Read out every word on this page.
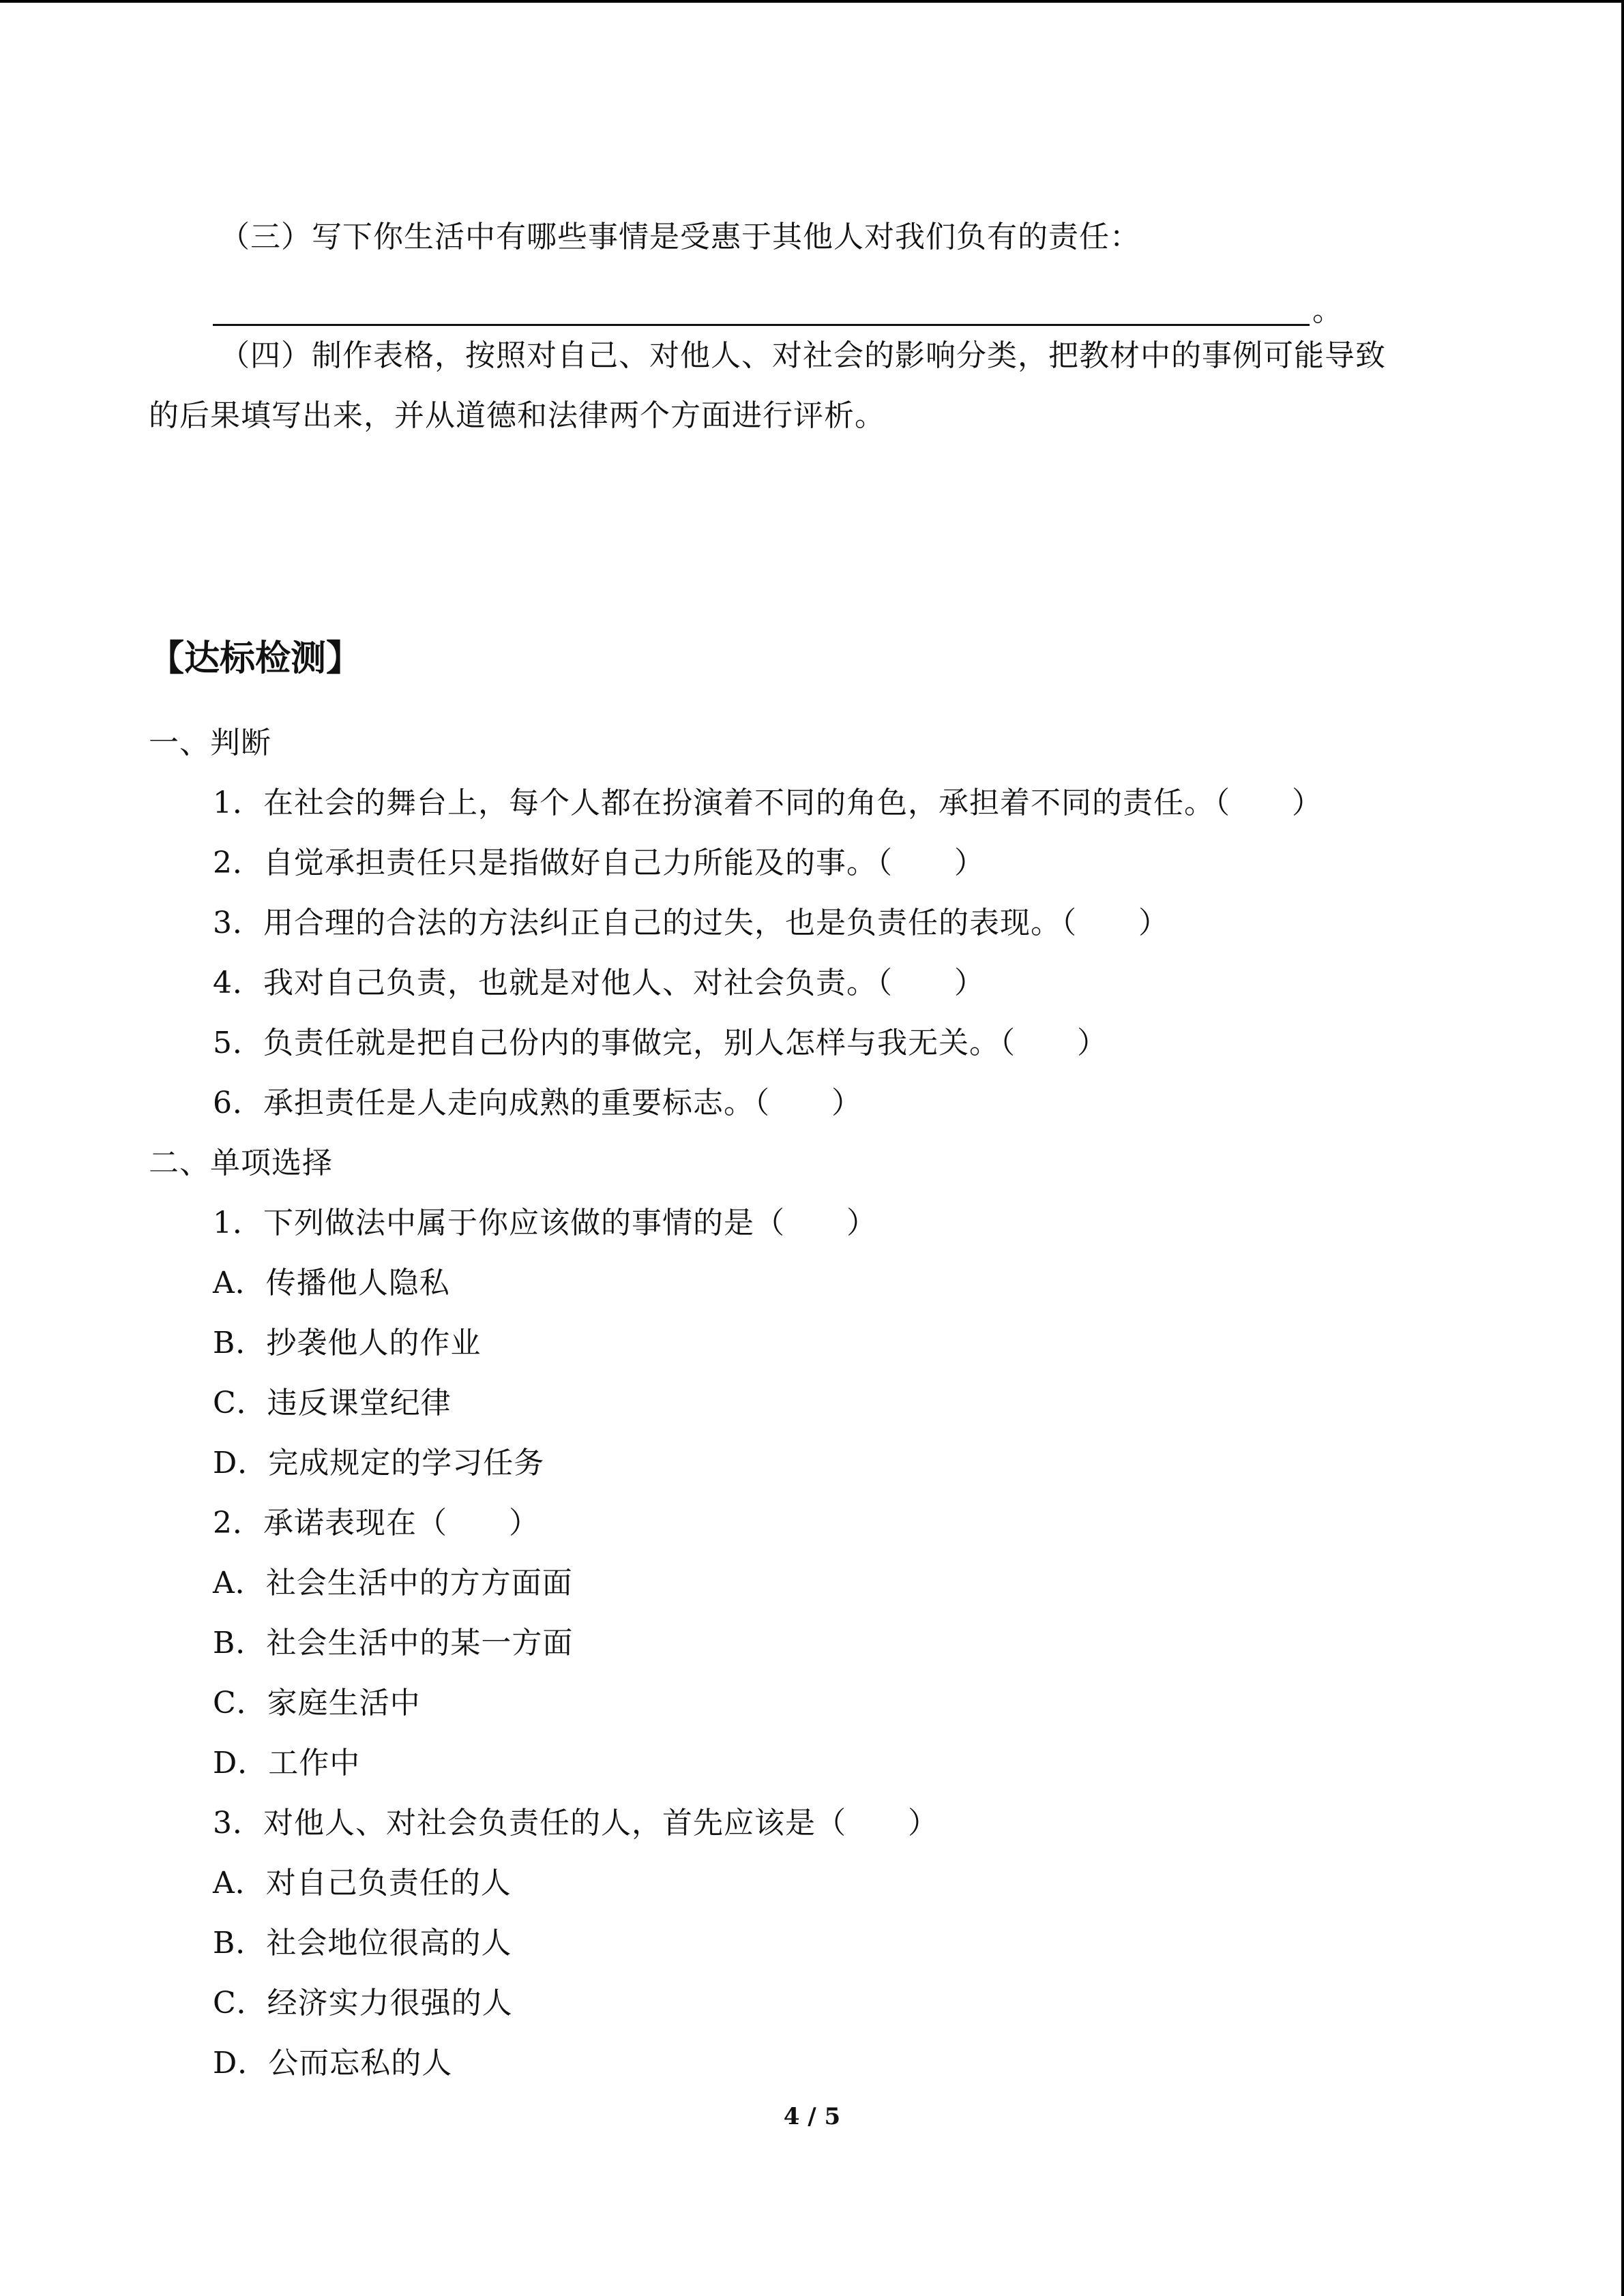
（三）写下你生活中有哪些事情是受惠于其他人对我们负有的责任：
。
（四）制作表格，按照对自己、对他人、对社会的影响分类，把教材中的事例可能导致
的后果填写出来，并从道德和法律两个方面进行评析。
【达标检测】
一、判断
1．在社会的舞台上，每个人都在扮演着不同的角色，承担着不同的责任。（　　）
2．自觉承担责任只是指做好自己力所能及的事。（　　）
3．用合理的合法的方法纠正自己的过失，也是负责任的表现。（　　）
4．我对自己负责，也就是对他人、对社会负责。（　　）
5．负责任就是把自己份内的事做完，别人怎样与我无关。（　　）
6．承担责任是人走向成熟的重要标志。（　　）
二、单项选择
1．下列做法中属于你应该做的事情的是（　　）
A．传播他人隐私
B．抄袭他人的作业
C．违反课堂纪律
D．完成规定的学习任务
2．承诺表现在（　　）
A．社会生活中的方方面面
B．社会生活中的某一方面
C．家庭生活中
D．工作中
3．对他人、对社会负责任的人，首先应该是（　　）
A．对自己负责任的人
B．社会地位很高的人
C．经济实力很强的人
D．公而忘私的人
4 / 5
